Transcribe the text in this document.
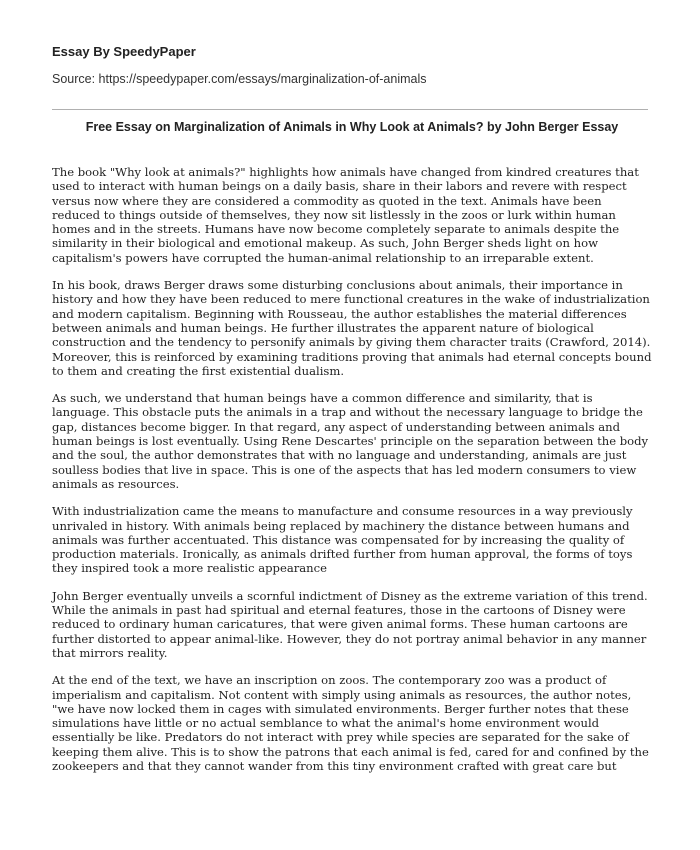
Essay By SpeedyPaper
Source: https://speedypaper.com/essays/marginalization-of-animals
Free Essay on Marginalization of Animals in Why Look at Animals? by John Berger Essay

The book "Why look at animals?" highlights how animals have changed from kindred creatures that used to interact with human beings on a daily basis, share in their labors and revere with respect versus now where they are considered a commodity as quoted in the text. Animals have been reduced to things outside of themselves, they now sit listlessly in the zoos or lurk within human homes and in the streets. Humans have now become completely separate to animals despite the similarity in their biological and emotional makeup. As such, John Berger sheds light on how capitalism's powers have corrupted the human-animal relationship to an irreparable extent.

In his book, draws Berger draws some disturbing conclusions about animals, their importance in history and how they have been reduced to mere functional creatures in the wake of industrialization and modern capitalism. Beginning with Rousseau, the author establishes the material differences between animals and human beings. He further illustrates the apparent nature of biological construction and the tendency to personify animals by giving them character traits (Crawford, 2014). Moreover, this is reinforced by examining traditions proving that animals had eternal concepts bound to them and creating the first existential dualism.

As such, we understand that human beings have a common difference and similarity, that is language. This obstacle puts the animals in a trap and without the necessary language to bridge the gap, distances become bigger. In that regard, any aspect of understanding between animals and human beings is lost eventually. Using Rene Descartes' principle on the separation between the body and the soul, the author demonstrates that with no language and understanding, animals are just soulless bodies that live in space. This is one of the aspects that has led modern consumers to view animals as resources.

With industrialization came the means to manufacture and consume resources in a way previously unrivaled in history. With animals being replaced by machinery the distance between humans and animals was further accentuated. This distance was compensated for by increasing the quality of production materials. Ironically, as animals drifted further from human approval, the forms of toys they inspired took a more realistic appearance

John Berger eventually unveils a scornful indictment of Disney as the extreme variation of this trend. While the animals in past had spiritual and eternal features, those in the cartoons of Disney were reduced to ordinary human caricatures, that were given animal forms. These human cartoons are further distorted to appear animal-like. However, they do not portray animal behavior in any manner that mirrors reality.

At the end of the text, we have an inscription on zoos. The contemporary zoo was a product of imperialism and capitalism. Not content with simply using animals as resources, the author notes, "we have now locked them in cages with simulated environments. Berger further notes that these simulations have little or no actual semblance to what the animal's home environment would essentially be like. Predators do not interact with prey while species are separated for the sake of keeping them alive. This is to show the patrons that each animal is fed, cared for and confined by the zookeepers and that they cannot wander from this tiny environment crafted with great care but
